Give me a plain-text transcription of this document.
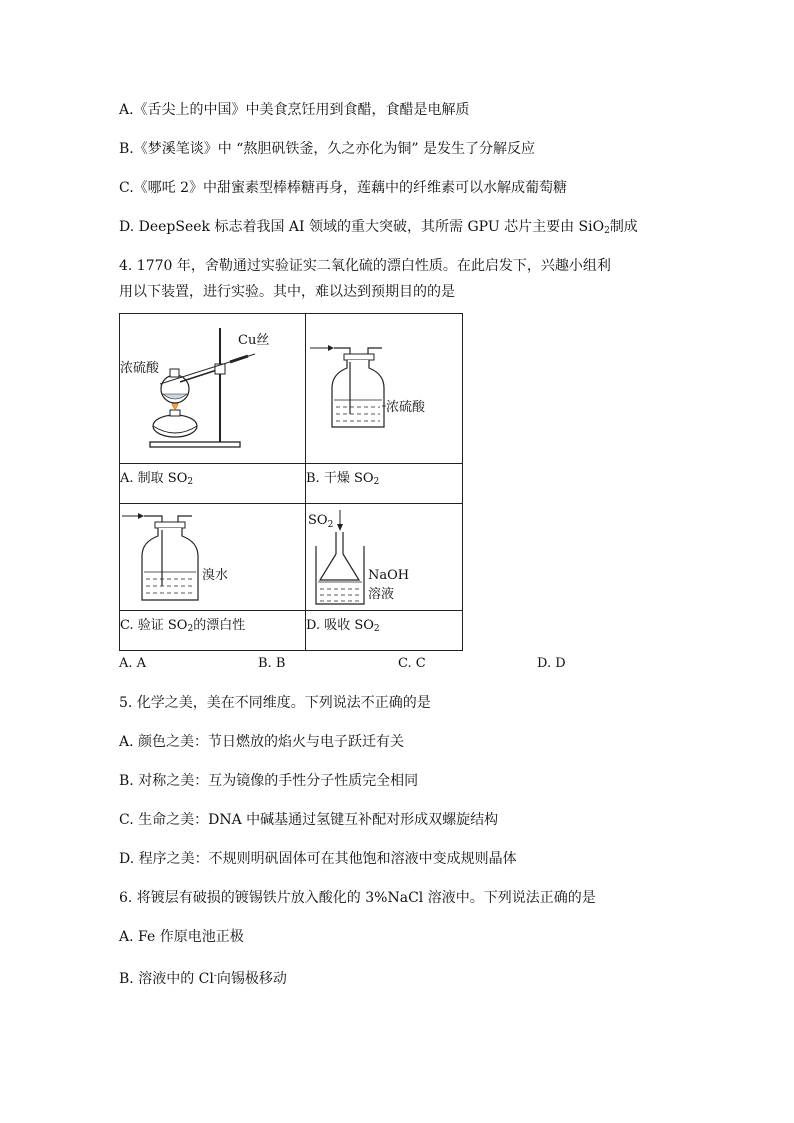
A.《舌尖上的中国》中美食烹饪用到食醋，食醋是电解质
B.《梦溪笔谈》中 “熬胆矾铁釜，久之亦化为铜” 是发生了分解反应
C.《哪吒 2》中甜蜜素型棒棒糖再身，莲藕中的纤维素可以水解成葡萄糖
D. DeepSeek 标志着我国 AI 领域的重大突破，其所需 GPU 芯片主要由 SiO$_2$制成
4. 1770 年，舍勒通过实验证实二氧化硫的漂白性质。在此启发下，兴趣小组利
用以下装置，进行实验。其中，难以达到预期目的的是
Cu丝
浓硫酸
A. 制取 $SO_2$
浓硫酸
B. 干燥 $SO_2$
溴水
C. 验证 $SO_2$的漂白性
$SO_2$
NaOH
溶液
D. 吸收 $SO_2$
A. A	B. B	C. C	D. D
5. 化学之美，美在不同维度。下列说法不正确的是
A. 颜色之美：节日燃放的焰火与电子跃迁有关
B. 对称之美：互为镜像的手性分子性质完全相同
C. 生命之美：DNA 中碱基通过氢键互补配对形成双螺旋结构
D. 程序之美：不规则明矾固体可在其他饱和溶液中变成规则晶体
6. 将镀层有破损的镀锡铁片放入酸化的 3%NaCl 溶液中。下列说法正确的是
A. Fe 作原电池正极
B. 溶液中的 Cl-向锡极移动
